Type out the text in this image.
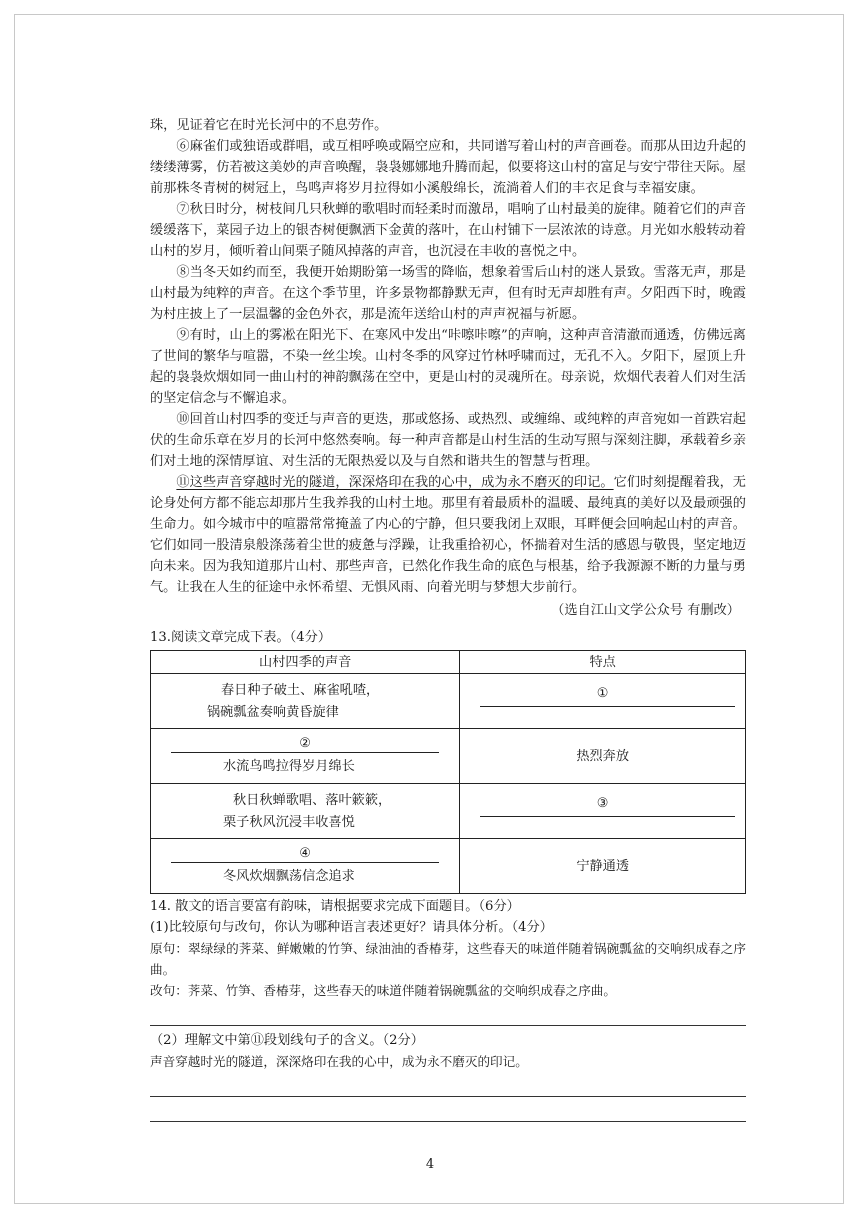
珠，见证着它在时光长河中的不息劳作。

⑥麻雀们或独语或群唱，或互相呼唤或隔空应和，共同谱写着山村的声音画卷。而那从田边升起的缕缕薄雾，仿若被这美妙的声音唤醒，袅袅娜娜地升腾而起，似要将这山村的富足与安宁带往天际。屋前那株冬青树的树冠上，鸟鸣声将岁月拉得如小溪般绵长，流淌着人们的丰衣足食与幸福安康。

⑦秋日时分，树枝间几只秋蝉的歌唱时而轻柔时而激昂，唱响了山村最美的旋律。随着它们的声音缓缓落下，菜园子边上的银杏树便飘洒下金黄的落叶，在山村铺下一层浓浓的诗意。月光如水般转动着山村的岁月，倾听着山间栗子随风掉落的声音，也沉浸在丰收的喜悦之中。

⑧当冬天如约而至，我便开始期盼第一场雪的降临，想象着雪后山村的迷人景致。雪落无声，那是山村最为纯粹的声音。在这个季节里，许多景物都静默无声，但有时无声却胜有声。夕阳西下时，晚霞为村庄披上了一层温馨的金色外衣，那是流年送给山村的声声祝福与祈愿。

⑨有时，山上的雾凇在阳光下、在寒风中发出“咔嚓咔嚓”的声响，这种声音清澈而通透，仿佛远离了世间的繁华与喧嚣，不染一丝尘埃。山村冬季的风穿过竹林呼啸而过，无孔不入。夕阳下，屋顶上升起的袅袅炊烟如同一曲山村的神韵飘荡在空中，更是山村的灵魂所在。母亲说，炊烟代表着人们对生活的坚定信念与不懈追求。

⑩回首山村四季的变迁与声音的更迭，那或悠扬、或热烈、或缠绵、或纯粹的声音宛如一首跌宕起伏的生命乐章在岁月的长河中悠然奏响。每一种声音都是山村生活的生动写照与深刻注脚，承载着乡亲们对土地的深情厚谊、对生活的无限热爱以及与自然和谐共生的智慧与哲理。

⑪这些声音穿越时光的隧道，深深烙印在我的心中，成为永不磨灭的印记。它们时刻提醒着我，无论身处何方都不能忘却那片生我养我的山村土地。那里有着最质朴的温暖、最纯真的美好以及最顽强的生命力。如今城市中的喧嚣常常掩盖了内心的宁静，但只要我闭上双眼，耳畔便会回响起山村的声音。它们如同一股清泉般涤荡着尘世的疲惫与浮躁，让我重拾初心，怀揣着对生活的感恩与敬畏，坚定地迈向未来。因为我知道那片山村、那些声音，已然化作我生命的底色与根基，给予我源源不断的力量与勇气。让我在人生的征途中永怀希望、无惧风雨、向着光明与梦想大步前行。

（选自江山文学公众号 有删改）

13.阅读文章完成下表。（4分）

山村四季的声音	特点

春日种子破土、麻雀吼喳，
锅碗瓢盆奏响黄昏旋律	①

②
水流鸟鸣拉得岁月绵长	热烈奔放

秋日秋蝉歌唱、落叶簌簌，
栗子秋风沉浸丰收喜悦	③

④
冬风炊烟飘荡信念追求	宁静通透

14. 散文的语言要富有韵味，请根据要求完成下面题目。（6分）

(1)比较原句与改句，你认为哪种语言表述更好？请具体分析。（4分）

原句：翠绿绿的荠菜、鲜嫩嫩的竹笋、绿油油的香椿芽，这些春天的味道伴随着锅碗瓢盆的交响织成春之序曲。

改句：荠菜、竹笋、香椿芽，这些春天的味道伴随着锅碗瓢盆的交响织成春之序曲。

（2）理解文中第⑪段划线句子的含义。（2分）

声音穿越时光的隧道，深深烙印在我的心中，成为永不磨灭的印记。

4
